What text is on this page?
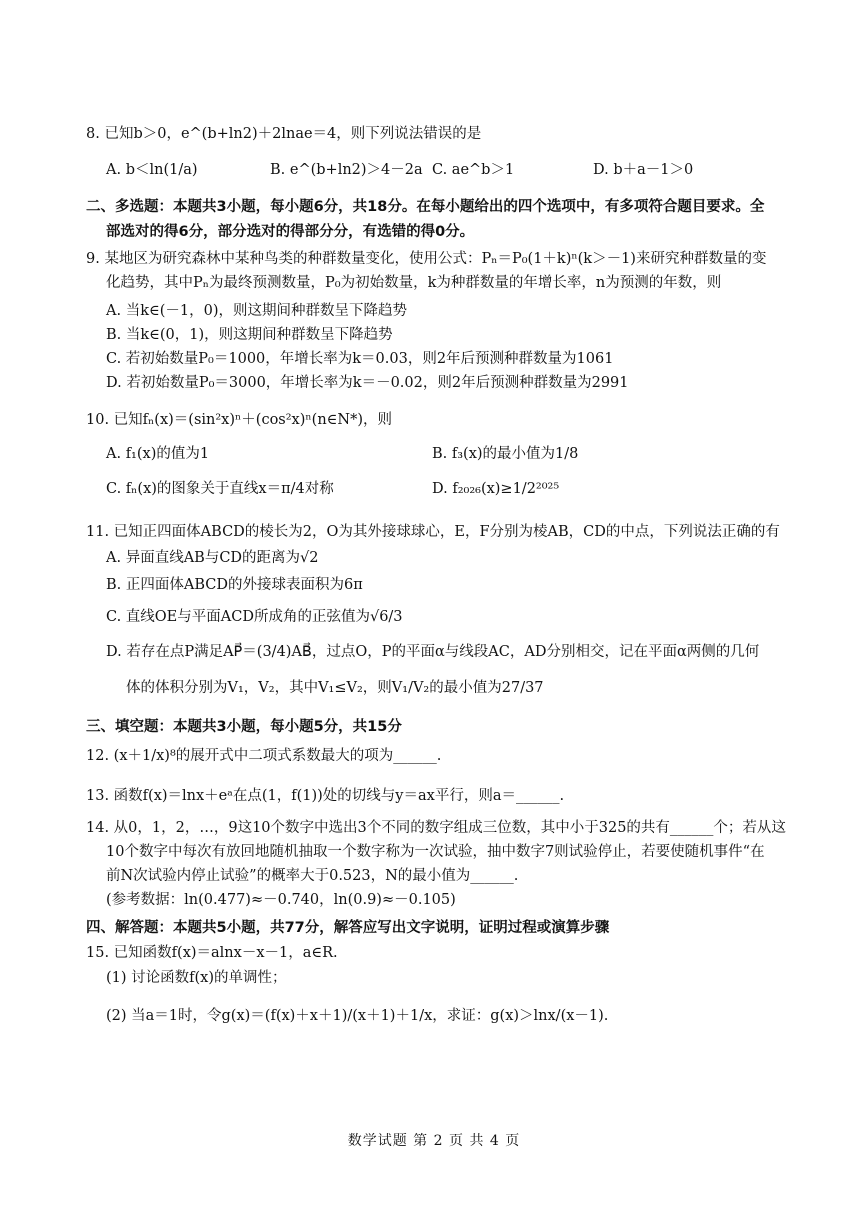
8. 已知b＞0，e^(b+ln2)＋2lnae＝4，则下列说法错误的是
A. b＜ln(1/a)	B. e^(b+ln2)＞4－2a C. ae^b＞1	D. b＋a－1＞0
二、多选题：本题共3小题，每小题6分，共18分。在每小题给出的四个选项中，有多项符合题目要求。全
部选对的得6分，部分选对的得部分分，有选错的得0分。
9. 某地区为研究森林中某种鸟类的种群数量变化，使用公式：Pₙ＝P₀(1＋k)ⁿ(k＞－1)来研究种群数量的变
化趋势，其中Pₙ为最终预测数量，P₀为初始数量，k为种群数量的年增长率，n为预测的年数，则
A. 当k∈(－1，0)，则这期间种群数呈下降趋势
B. 当k∈(0，1)，则这期间种群数呈下降趋势
C. 若初始数量P₀＝1000，年增长率为k＝0.03，则2年后预测种群数量为1061
D. 若初始数量P₀＝3000，年增长率为k＝－0.02，则2年后预测种群数量为2991
10. 已知fₙ(x)＝(sin²x)ⁿ＋(cos²x)ⁿ(n∈N*)，则
A. f₁(x)的值为1	B. f₃(x)的最小值为1/8
C. fₙ(x)的图象关于直线x＝π/4对称	D. f₂₀₂₆(x)≥1/2²⁰²⁵
11. 已知正四面体ABCD的棱长为2，O为其外接球球心，E，F分别为棱AB，CD的中点，下列说法正确的有
A. 异面直线AB与CD的距离为√2
B. 正四面体ABCD的外接球表面积为6π
C. 直线OE与平面ACD所成角的正弦值为√6/3
D. 若存在点P满足AP⃗＝(3/4)AB⃗，过点O，P的平面α与线段AC，AD分别相交，记在平面α两侧的几何
体的体积分别为V₁，V₂，其中V₁≤V₂，则V₁/V₂的最小值为27/37
三、填空题：本题共3小题，每小题5分，共15分
12. (x＋1/x)⁸的展开式中二项式系数最大的项为______.
13. 函数f(x)＝lnx＋eᵃ在点(1，f(1))处的切线与y＝ax平行，则a＝______.
14. 从0，1，2，…，9这10个数字中选出3个不同的数字组成三位数，其中小于325的共有______个；若从这
10个数字中每次有放回地随机抽取一个数字称为一次试验，抽中数字7则试验停止，若要使随机事件“在
前N次试验内停止试验”的概率大于0.523，N的最小值为______.
(参考数据：ln(0.477)≈－0.740，ln(0.9)≈－0.105)
四、解答题：本题共5小题，共77分，解答应写出文字说明，证明过程或演算步骤
15. 已知函数f(x)＝alnx－x－1，a∈R.
(1) 讨论函数f(x)的单调性；
(2) 当a＝1时，令g(x)＝(f(x)＋x＋1)/(x＋1)＋1/x，求证：g(x)＞lnx/(x－1).
数学试题 第 2 页 共 4 页
